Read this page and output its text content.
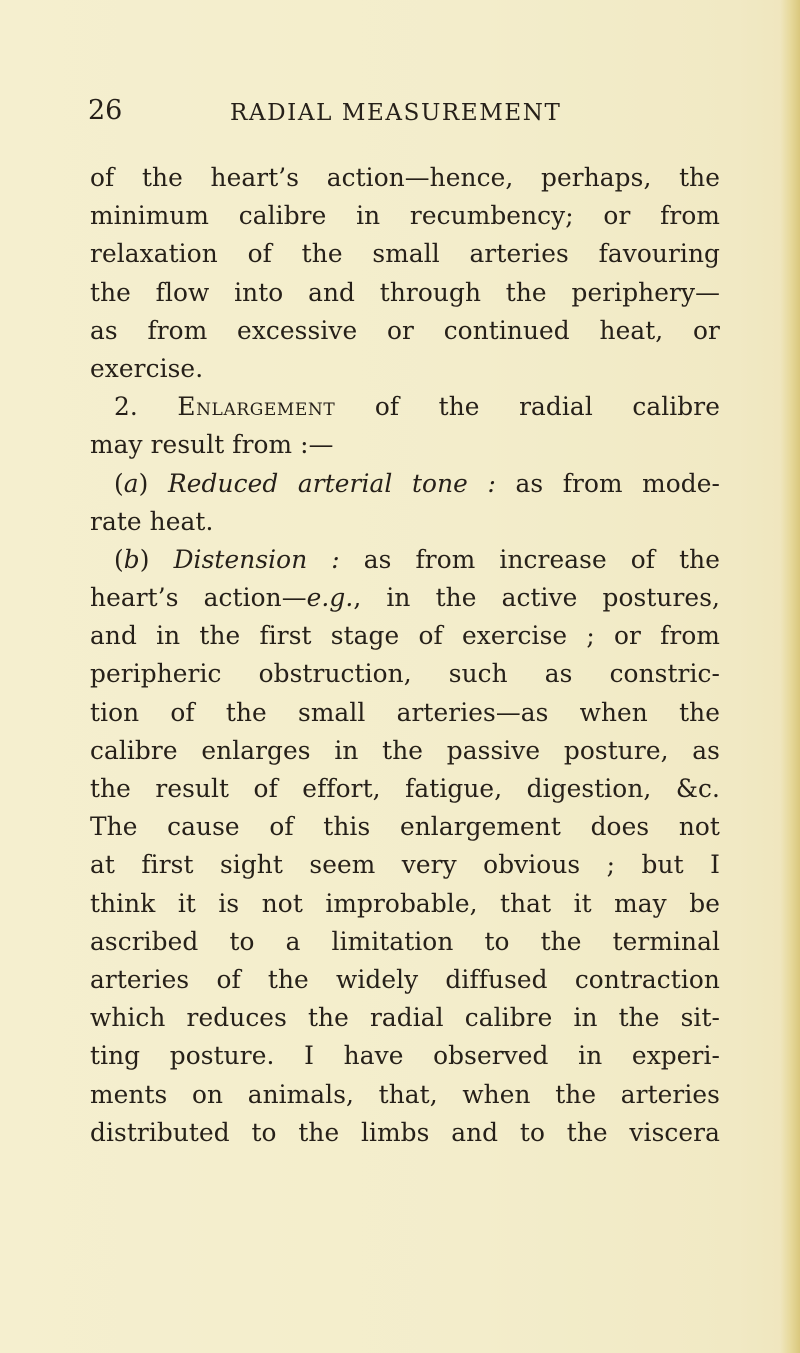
26	RADIAL MEASUREMENT
of the heart’s action—hence, perhaps, the
minimum calibre in recumbency; or from
relaxation of the small arteries favouring
the flow into and through the periphery—
as from excessive or continued heat, or
exercise.
2. Enlargement of the radial calibre
may result from :—
(a) Reduced arterial tone : as from mode-
rate heat.
(b) Distension : as from increase of the
heart’s action—e.g., in the active postures,
and in the first stage of exercise ; or from
peripheric obstruction, such as constric-
tion of the small arteries—as when the
calibre enlarges in the passive posture, as
the result of effort, fatigue, digestion, &c.
The cause of this enlargement does not
at first sight seem very obvious ; but I
think it is not improbable, that it may be
ascribed to a limitation to the terminal
arteries of the widely diffused contraction
which reduces the radial calibre in the sit-
ting posture. I have observed in experi-
ments on animals, that, when the arteries
distributed to the limbs and to the viscera
